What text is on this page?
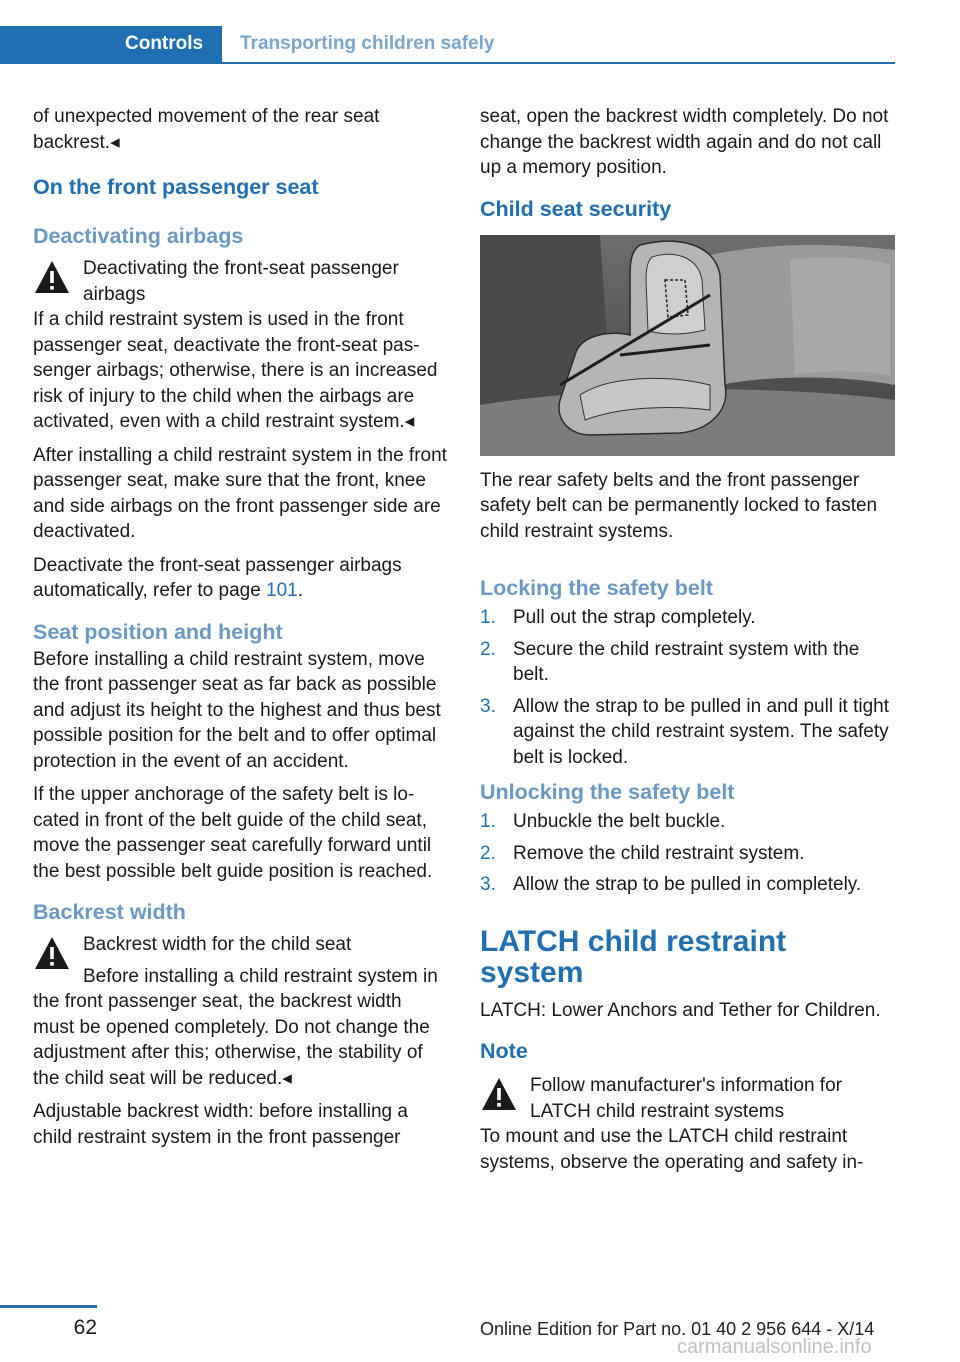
Controls	Transporting children safely

of unexpected movement of the rear seat backrest.◂

On the front passenger seat
Deactivating airbags

Deactivating the front-seat passenger airbags

If a child restraint system is used in the front passenger seat, deactivate the front-seat passenger airbags; otherwise, there is an increased risk of injury to the child when the airbags are activated, even with a child restraint system.◂

After installing a child restraint system in the front passenger seat, make sure that the front, knee and side airbags on the front passenger side are deactivated.

Deactivate the front-seat passenger airbags automatically, refer to page 101.

Seat position and height

Before installing a child restraint system, move the front passenger seat as far back as possible and adjust its height to the highest and thus best possible position for the belt and to offer optimal protection in the event of an accident.

If the upper anchorage of the safety belt is located in front of the belt guide of the child seat, move the passenger seat carefully forward until the best possible belt guide position is reached.

Backrest width

Backrest width for the child seat

Before installing a child restraint system in the front passenger seat, the backrest width must be opened completely. Do not change the adjustment after this; otherwise, the stability of the child seat will be reduced.◂

Adjustable backrest width: before installing a child restraint system in the front passenger

seat, open the backrest width completely. Do not change the backrest width again and do not call up a memory position.

Child seat security

The rear safety belts and the front passenger safety belt can be permanently locked to fasten child restraint systems.

Locking the safety belt
1. Pull out the strap completely.
2. Secure the child restraint system with the belt.
3. Allow the strap to be pulled in and pull it tight against the child restraint system. The safety belt is locked.
Unlocking the safety belt
1. Unbuckle the belt buckle.
2. Remove the child restraint system.
3. Allow the strap to be pulled in completely.
LATCH child restraint system

LATCH: Lower Anchors and Tether for Children.

Note

Follow manufacturer's information for LATCH child restraint systems

To mount and use the LATCH child restraint systems, observe the operating and safety in-

62	Online Edition for Part no. 01 40 2 956 644 - X/14
carmanualsonline.info
